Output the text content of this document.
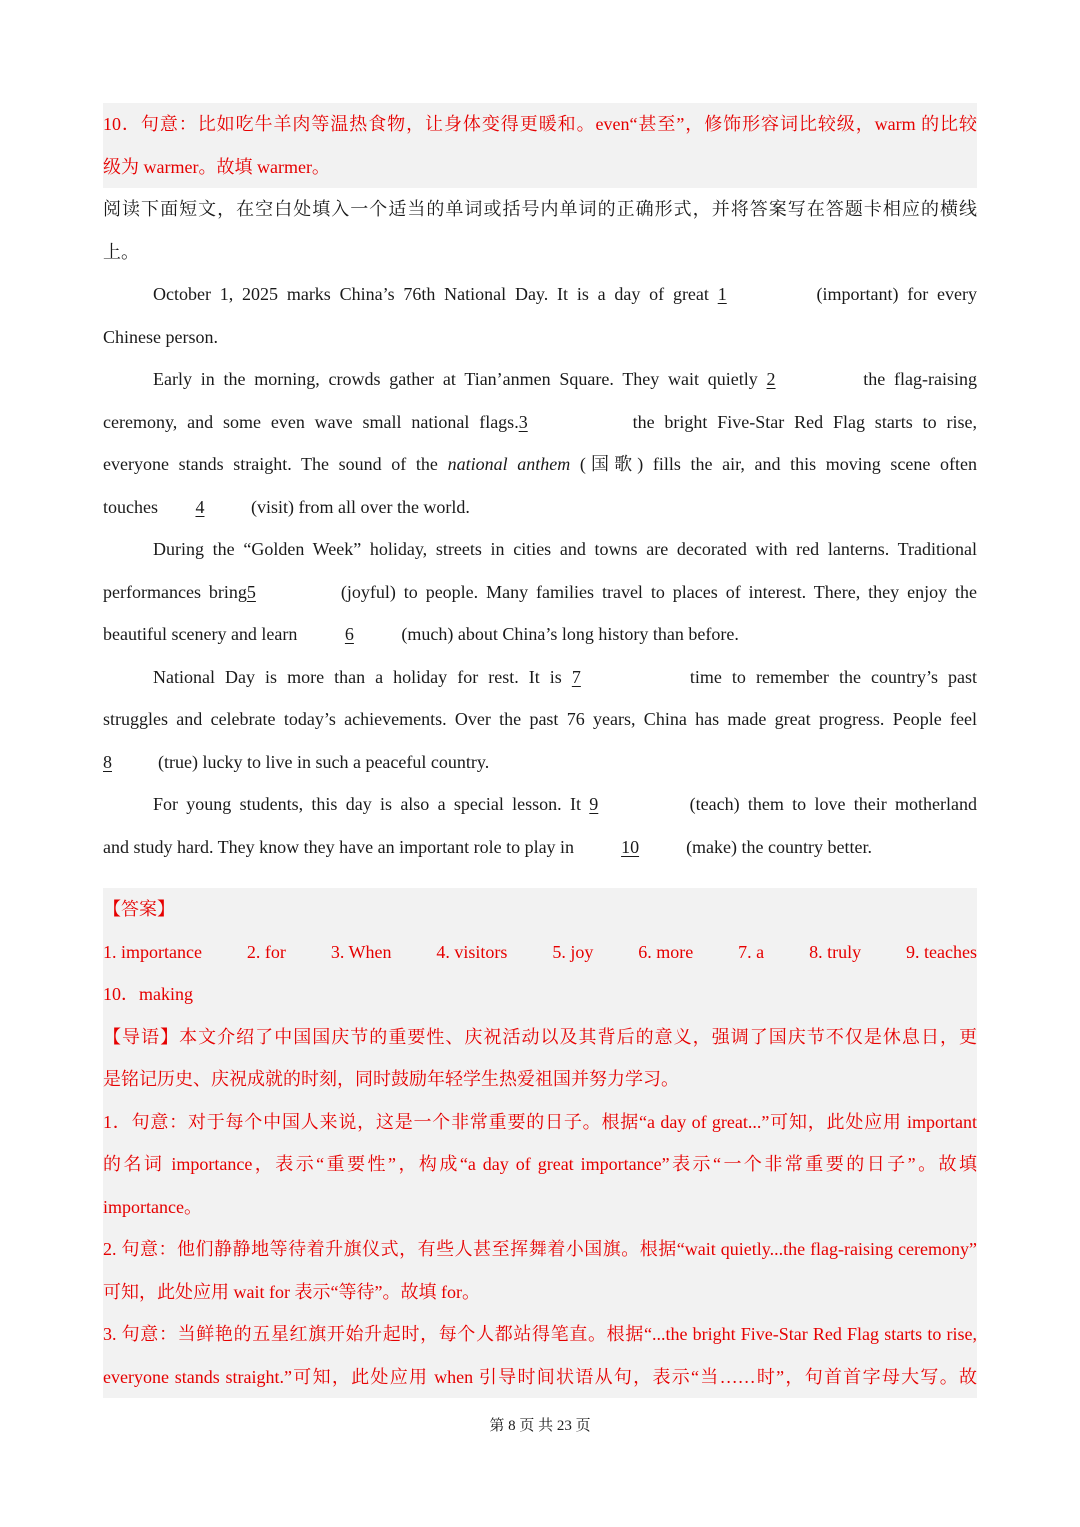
10．句意：比如吃牛羊肉等温热食物，让身体变得更暖和。even“甚至”，修饰形容词比较级，warm 的比较
级为 warmer。故填 warmer。
阅读下面短文，在空白处填入一个适当的单词或括号内单词的正确形式，并将答案写在答题卡相应的横线
上。
October 1, 2025 marks China’s 76th National Day. It is a day of great 1	(important) for every
Chinese person.
Early in the morning, crowds gather at Tian’anmen Square. They wait quietly 2	the flag-raising
ceremony, and some even wave small national flags.3	the bright Five-Star Red Flag starts to rise,
everyone stands straight. The sound of the national anthem (国歌) fills the air, and this moving scene often
touches 4	(visit) from all over the world.
During the “Golden Week” holiday, streets in cities and towns are decorated with red lanterns. Traditional
performances bring5	(joyful) to people. Many families travel to places of interest. There, they enjoy the
beautiful scenery and learn	6	(much) about China’s long history than before.
National Day is more than a holiday for rest. It is 7	time to remember the country’s past
struggles and celebrate today’s achievements. Over the past 76 years, China has made great progress. People feel
8	(true) lucky to live in such a peaceful country.
For young students, this day is also a special lesson. It 9	(teach) them to love their motherland
and study hard. They know they have an important role to play in	10	(make) the country better.
【答案】
1. importance 2. for 3. When 4. visitors 5. joy 6. more 7. a 8. truly 9. teaches
10．making
【导语】本文介绍了中国国庆节的重要性、庆祝活动以及其背后的意义，强调了国庆节不仅是休息日，更
是铭记历史、庆祝成就的时刻，同时鼓励年轻学生热爱祖国并努力学习。
1．句意：对于每个中国人来说，这是一个非常重要的日子。根据“a day of great...”可知，此处应用 important
的名词 importance，表示“重要性”，构成“a day of great importance”表示“一个非常重要的日子”。故填
importance。
2. 句意：他们静静地等待着升旗仪式，有些人甚至挥舞着小国旗。根据“wait quietly...the flag-raising ceremony”
可知，此处应用 wait for 表示“等待”。故填 for。
3. 句意：当鲜艳的五星红旗开始升起时，每个人都站得笔直。根据“...the bright Five-Star Red Flag starts to rise,
everyone stands straight.”可知，此处应用 when 引导时间状语从句，表示“当……时”，句首首字母大写。故
第 8 页 共 23 页
